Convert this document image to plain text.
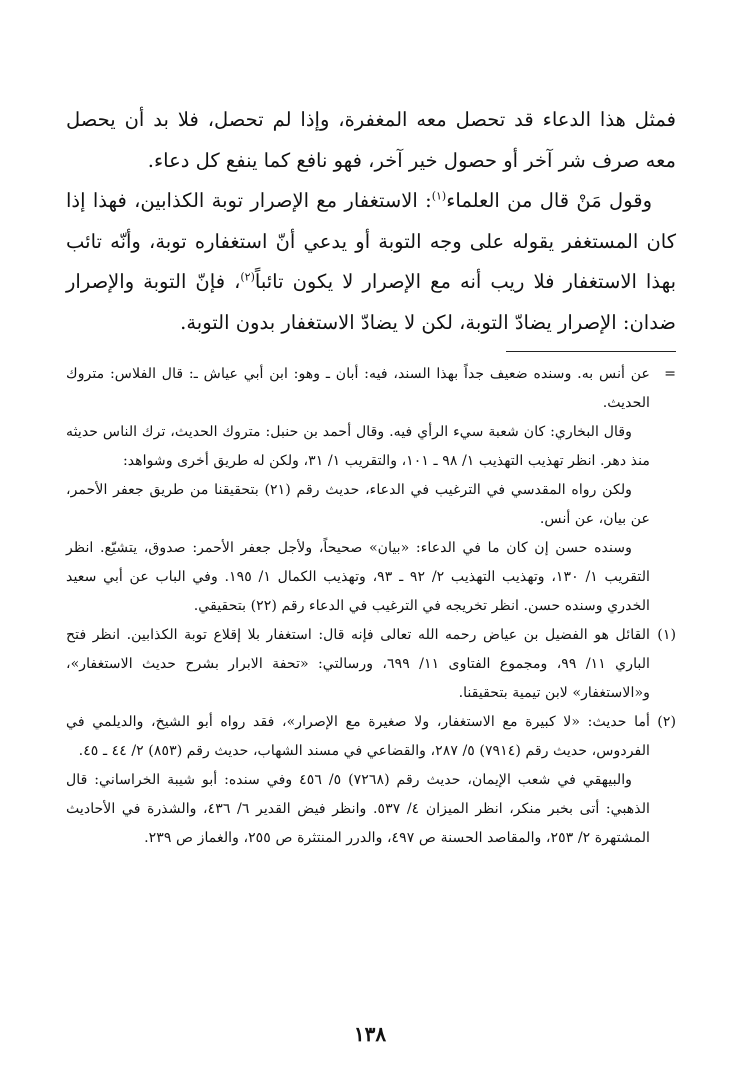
فمثل هذا الدعاء قد تحصل معه المغفرة، وإذا لم تحصل، فلا بد أن يحصل معه صرف شر آخر أو حصول خير آخر، فهو نافع كما ينفع كل دعاء.

وقول مَنْ قال من العلماء$^{(١)}$: الاستغفار مع الإصرار توبة الكذابين، فهذا إذا كان المستغفر يقوله على وجه التوبة أو يدعي أنّ استغفاره توبة، وأنّه تائب بهذا الاستغفار فلا ريب أنه مع الإصرار لا يكون تائباً$^{(٢)}$، فإنّ التوبة والإصرار ضدان: الإصرار يضادّ التوبة، لكن لا يضادّ الاستغفار بدون التوبة.

=

عن أنس به. وسنده ضعيف جداً بهذا السند، فيه: أبان ـ وهو: ابن أبي عياش ـ: قال الفلاس: متروك الحديث.

وقال البخاري: كان شعبة سيء الرأي فيه. وقال أحمد بن حنبل: متروك الحديث، ترك الناس حديثه منذ دهر. انظر تهذيب التهذيب ١/ ٩٨ ـ ١٠١، والتقريب ١/ ٣١، ولكن له طريق أخرى وشواهد:

ولكن رواه المقدسي في الترغيب في الدعاء، حديث رقم (٢١) بتحقيقنا من طريق جعفر الأحمر، عن بيان، عن أنس.

وسنده حسن إن كان ما في الدعاء: «بيان» صحيحاً، ولأجل جعفر الأحمر: صدوق، يتشيّع. انظر التقريب ١/ ١٣٠، وتهذيب التهذيب ٢/ ٩٢ ـ ٩٣، وتهذيب الكمال ١/ ١٩٥. وفي الباب عن أبي سعيد الخدري وسنده حسن. انظر تخريجه في الترغيب في الدعاء رقم (٢٢) بتحقيقي.

(١)

القائل هو الفضيل بن عياض رحمه الله تعالى فإنه قال: استغفار بلا إقلاع توبة الكذابين. انظر فتح الباري ١١/ ٩٩، ومجموع الفتاوى ١١/ ٦٩٩، ورسالتي: «تحفة الابرار بشرح حديث الاستغفار»، و«الاستغفار» لابن تيمية بتحقيقنا.

(٢)

أما حديث: «لا كبيرة مع الاستغفار، ولا صغيرة مع الإصرار»، فقد رواه أبو الشيخ، والديلمي في الفردوس، حديث رقم (٧٩١٤) ٥/ ٢٨٧، والقضاعي في مسند الشهاب، حديث رقم (٨٥٣) ٢/ ٤٤ ـ ٤٥.

والبيهقي في شعب الإيمان، حديث رقم (٧٢٦٨) ٥/ ٤٥٦ وفي سنده: أبو شيبة الخراساني: قال الذهبي: أتى بخبر منكر، انظر الميزان ٤/ ٥٣٧. وانظر فيض القدير ٦/ ٤٣٦، والشذرة في الأحاديث المشتهرة ٢/ ٢٥٣، والمقاصد الحسنة ص ٤٩٧، والدرر المنتثرة ص ٢٥٥، والغماز ص ٢٣٩.

١٣٨
